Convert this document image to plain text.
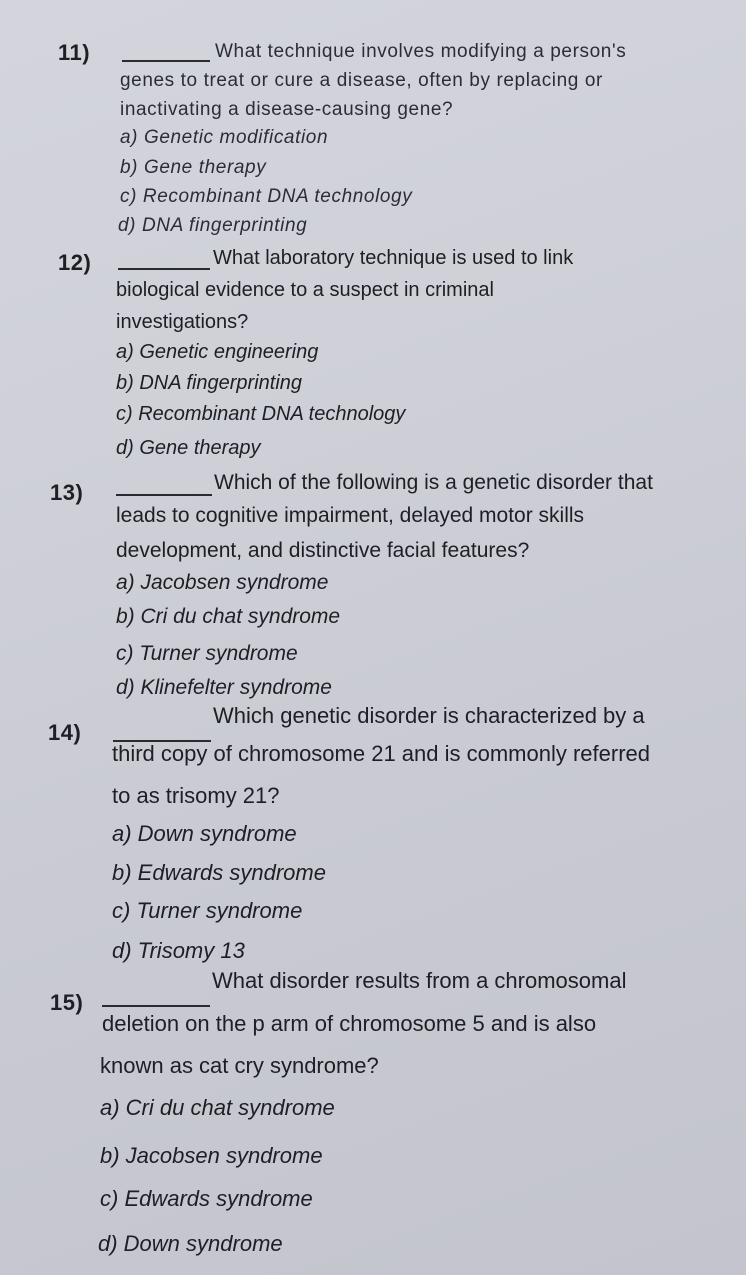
11)	What technique involves modifying a person's
genes to treat or cure a disease, often by replacing or
inactivating a disease-causing gene?
a) Genetic modification
b) Gene therapy
c) Recombinant DNA technology
d) DNA fingerprinting
12)	What laboratory technique is used to link
biological evidence to a suspect in criminal
investigations?
a) Genetic engineering
b) DNA fingerprinting
c) Recombinant DNA technology
d) Gene therapy
13)	Which of the following is a genetic disorder that
leads to cognitive impairment, delayed motor skills
development, and distinctive facial features?
a) Jacobsen syndrome
b) Cri du chat syndrome
c) Turner syndrome
d) Klinefelter syndrome
14)
Which genetic disorder is characterized by a
third copy of chromosome 21 and is commonly referred
to as trisomy 21?
a) Down syndrome
b) Edwards syndrome
c) Turner syndrome
d) Trisomy 13
15)
What disorder results from a chromosomal
deletion on the p arm of chromosome 5 and is also
known as cat cry syndrome?
a) Cri du chat syndrome
b) Jacobsen syndrome
c) Edwards syndrome
d) Down syndrome
